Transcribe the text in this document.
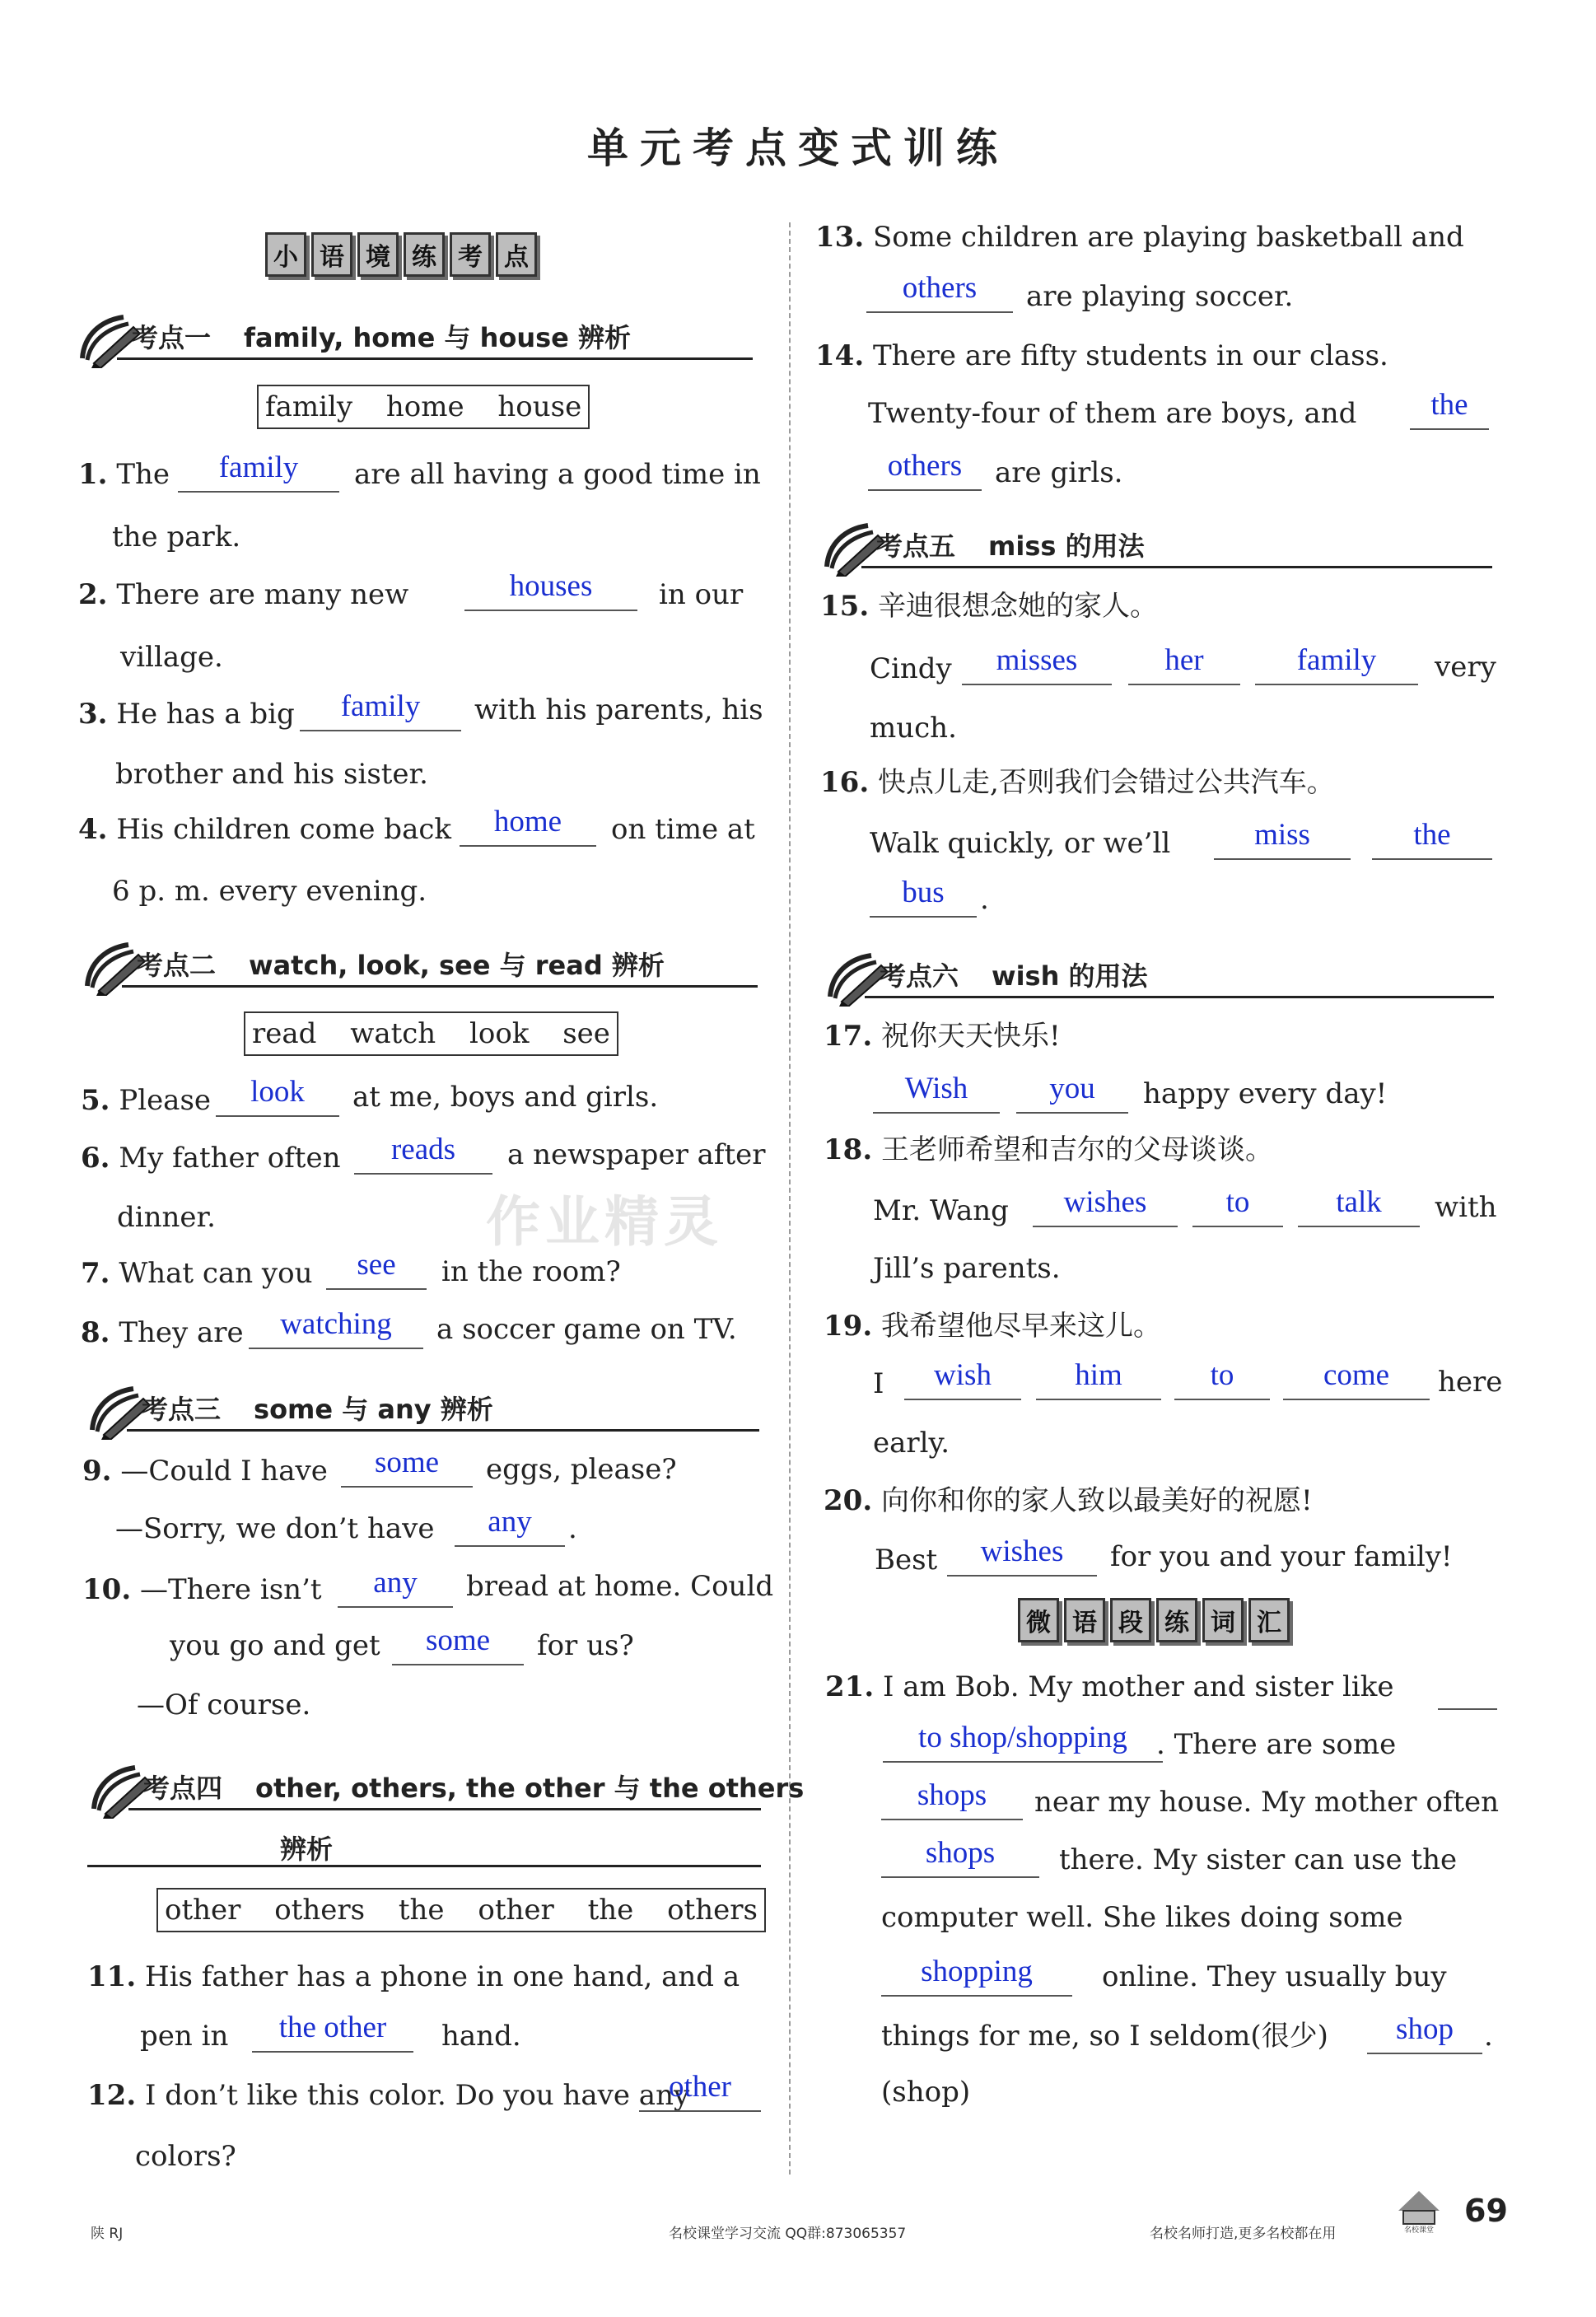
单元考点变式训练
作业精灵
小 语 境 练 考 点
考点一 family, home 与 house 辨析
family home house
1. The	family	are all having a good time in
the park.
2. There are many new	houses	in our
village.
3. He has a big	family	with his parents, his
brother and his sister.
4. His children come back	home	on time at
6 p. m. every evening.
考点二 watch, look, see 与 read 辨析
read watch look see
5. Please	look	at me, boys and girls.
6. My father often	reads	a newspaper after
dinner.
7. What can you	see	in the room?
8. They are	watching	a soccer game on TV.
考点三 some 与 any 辨析
9. —Could I have	some	eggs, please?
—Sorry, we don’t have	any	.
10. —There isn’t	any	bread at home. Could
you go and get	some	for us?
—Of course.
考点四 other, others, the other 与 the others
辨析
other others the other the others
11. His father has a phone in one hand, and a
pen in	the other	hand.
12. I don’t like this color. Do you have any
other
colors?
13. Some children are playing basketball and
others	are playing soccer.
14. There are fifty students in our class.
Twenty-four of them are boys, and	the
others	are girls.
考点五 miss 的用法
15. 辛迪很想念她的家人。
Cindy	misses	her	family	very
much.
16. 快点儿走,否则我们会错过公共汽车。
Walk quickly, or we’ll	miss	the
bus	.
考点六 wish 的用法
17. 祝你天天快乐!
Wish	you	happy every day!
18. 王老师希望和吉尔的父母谈谈。
Mr. Wang	wishes	to	talk	with
Jill’s parents.
19. 我希望他尽早来这儿。
I	wish	him	to	come	here
early.
20. 向你和你的家人致以最美好的祝愿!
Best	wishes	for you and your family!
微 语 段 练 词 汇
21. I am Bob. My mother and sister like
to shop/shopping	. There are some
shops	near my house. My mother often
shops	there. My sister can use the
computer well. She likes doing some
shopping	online. They usually buy
things for me, so I seldom(很少)	shop	.
(shop)
陕 RJ	名校课堂学习交流 QQ群:873065357	名校名师打造,更多名校都在用	名校课堂
69
